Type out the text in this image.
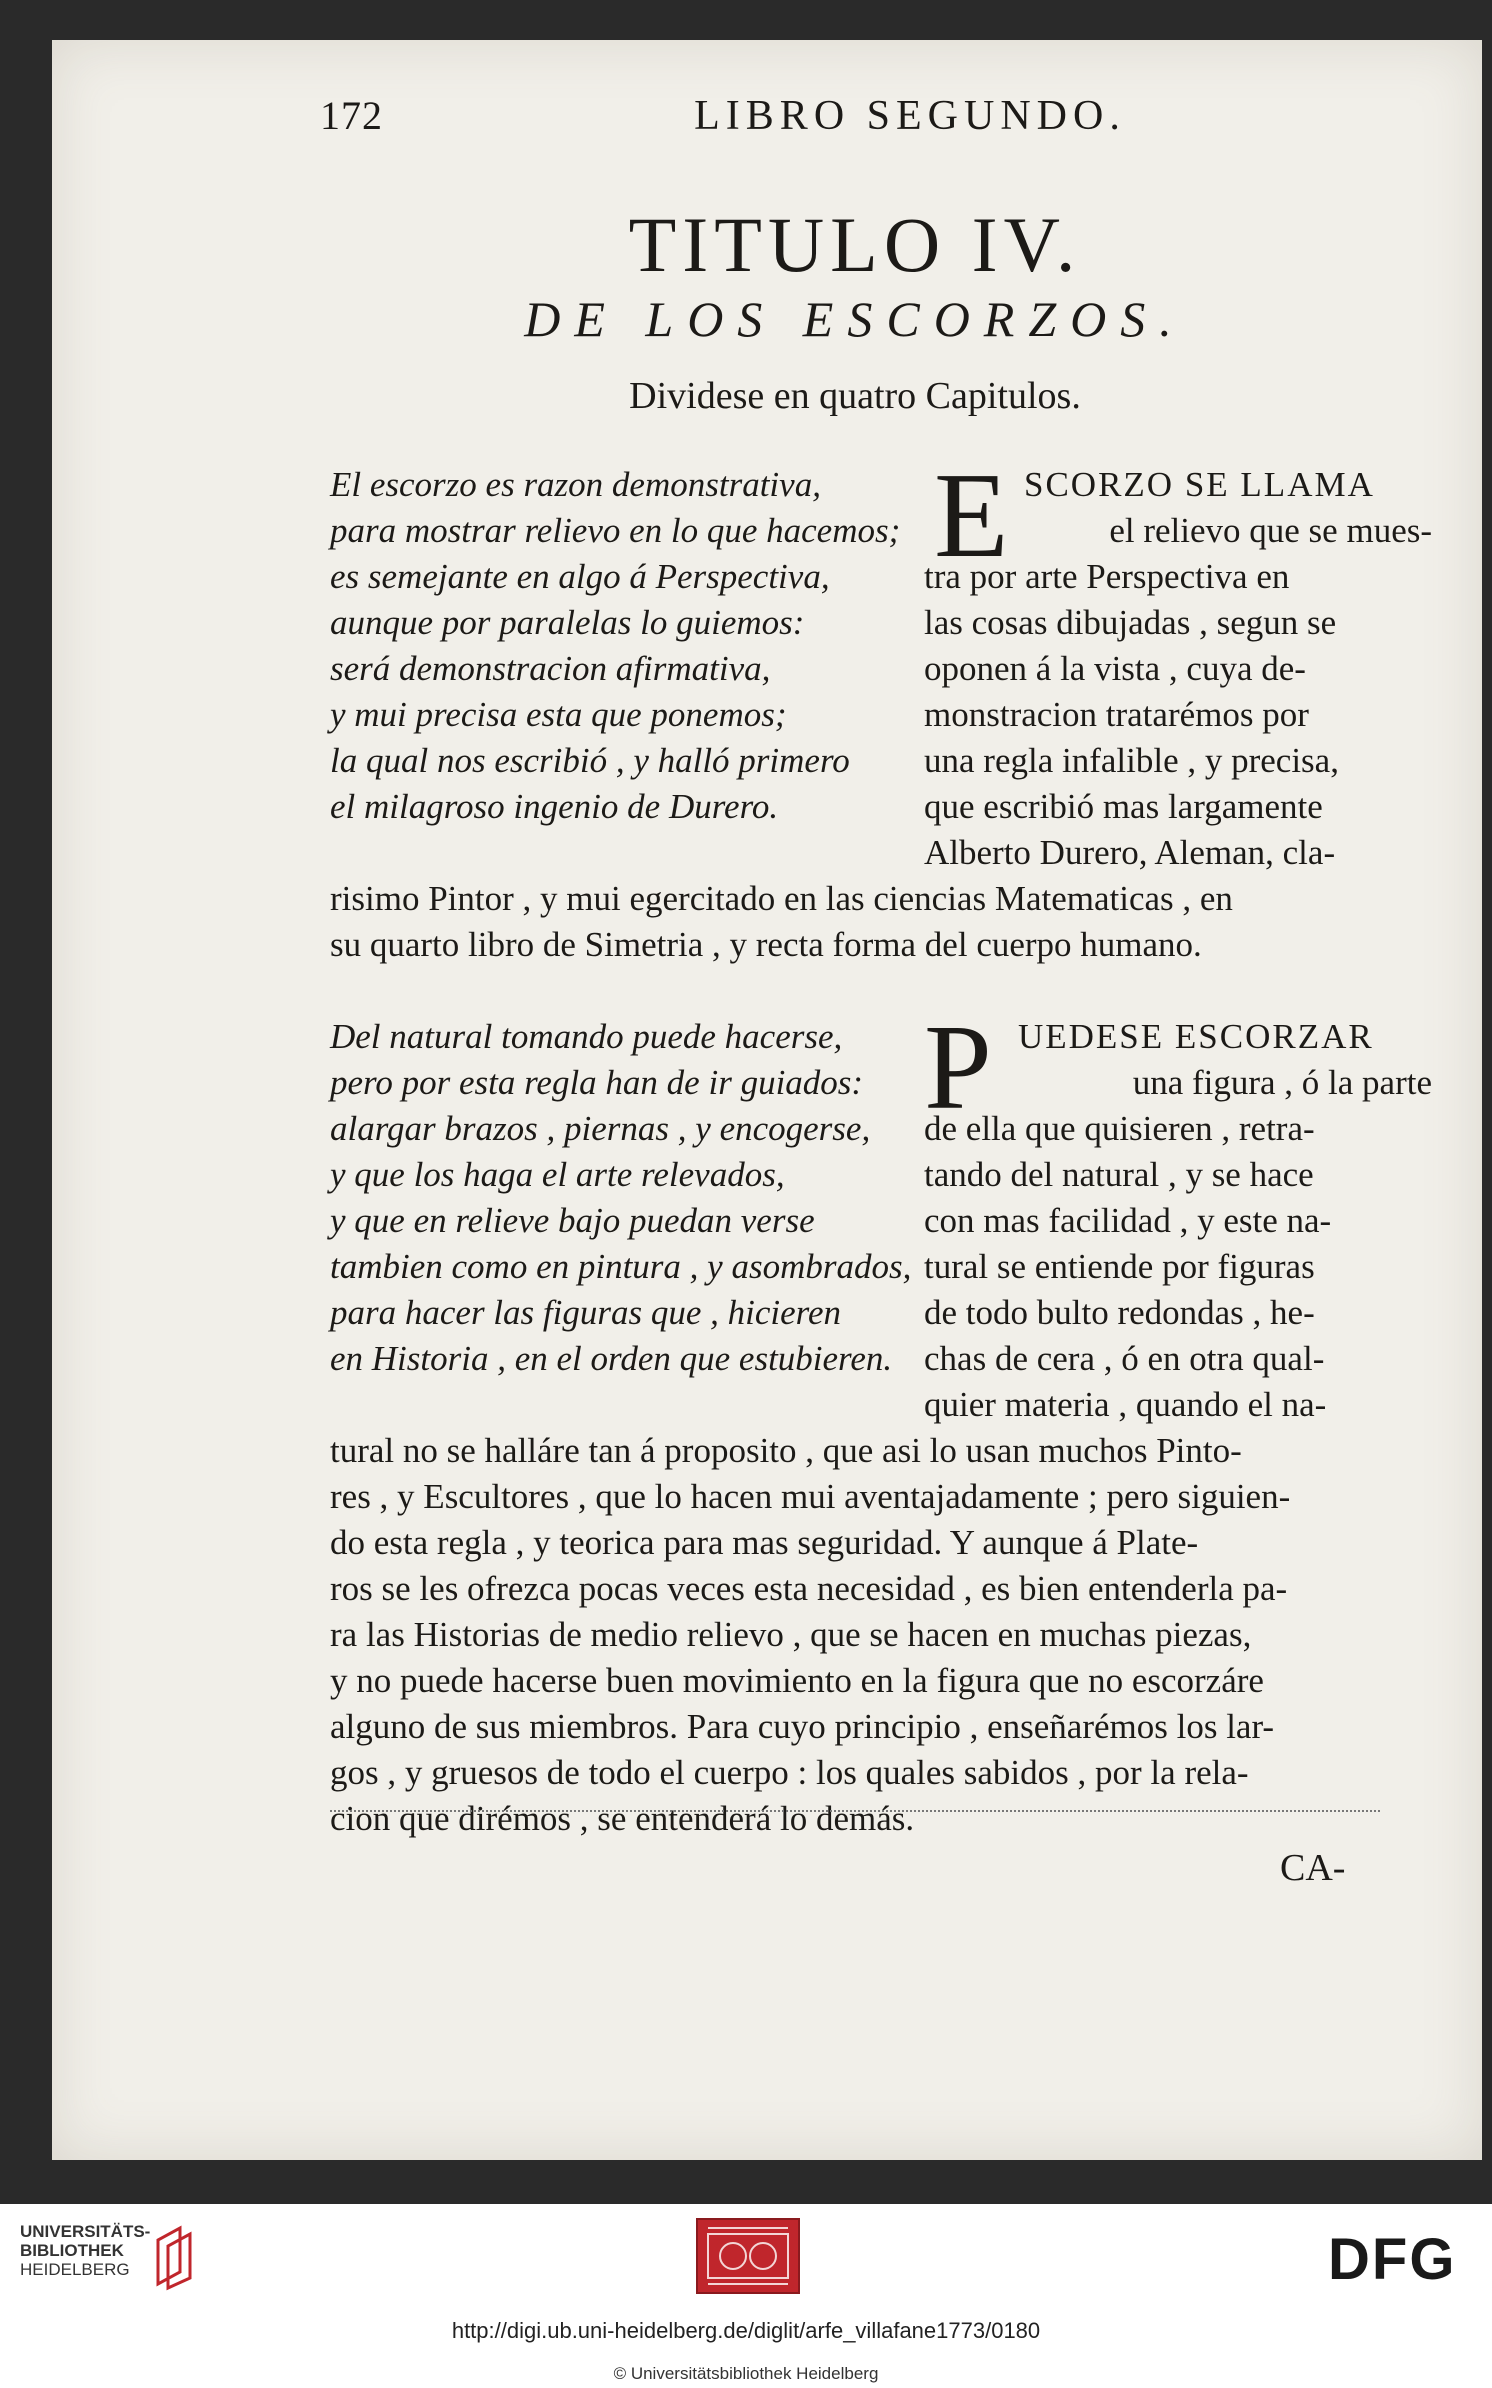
172	LIBRO SEGUNDO.
TITULO IV.
DE LOS ESCORZOS.
Dividese en quatro Capitulos.
El escorzo es razon demonstrativa,
para mostrar relievo en lo que hacemos;
es semejante en algo á Perspectiva,
aunque por paralelas lo guiemos:
será demonstracion afirmativa,
y mui precisa esta que ponemos;
la qual nos escribió , y halló primero
el milagroso ingenio de Durero.
E SCORZO SE LLAMA
el relievo que se mues-
tra por arte Perspectiva en
las cosas dibujadas , segun se
oponen á la vista , cuya de-
monstracion tratarémos por
una regla infalible , y precisa,
que escribió mas largamente
Alberto Durero, Aleman, cla-
risimo Pintor , y mui egercitado en las ciencias Matematicas , en
su quarto libro de Simetria , y recta forma del cuerpo humano.
Del natural tomando puede hacerse,
pero por esta regla han de ir guiados:
alargar brazos , piernas , y encogerse,
y que los haga el arte relevados,
y que en relieve bajo puedan verse
tambien como en pintura , y asombrados,
para hacer las figuras que , hicieren
en Historia , en el orden que estubieren.
P UEDESE ESCORZAR
una figura , ó la parte
de ella que quisieren , retra-
tando del natural , y se hace
con mas facilidad , y este na-
tural se entiende por figuras
de todo bulto redondas , he-
chas de cera , ó en otra qual-
quier materia , quando el na-
tural no se halláre tan á proposito , que asi lo usan muchos Pinto-
res , y Escultores , que lo hacen mui aventajadamente ; pero siguien-
do esta regla , y teorica para mas seguridad. Y aunque á Plate-
ros se les ofrezca pocas veces esta necesidad , es bien entenderla pa-
ra las Historias de medio relievo , que se hacen en muchas piezas,
y no puede hacerse buen movimiento en la figura que no escorzáre
alguno de sus miembros. Para cuyo principio , enseñarémos los lar-
gos , y gruesos de todo el cuerpo : los quales sabidos , por la rela-
cion que dirémos , se entenderá lo demás.
CA-
UNIVERSITÄTS-
BIBLIOTHEK
HEIDELBERG	DFG
http://digi.ub.uni-heidelberg.de/diglit/arfe_villafane1773/0180
© Universitätsbibliothek Heidelberg
